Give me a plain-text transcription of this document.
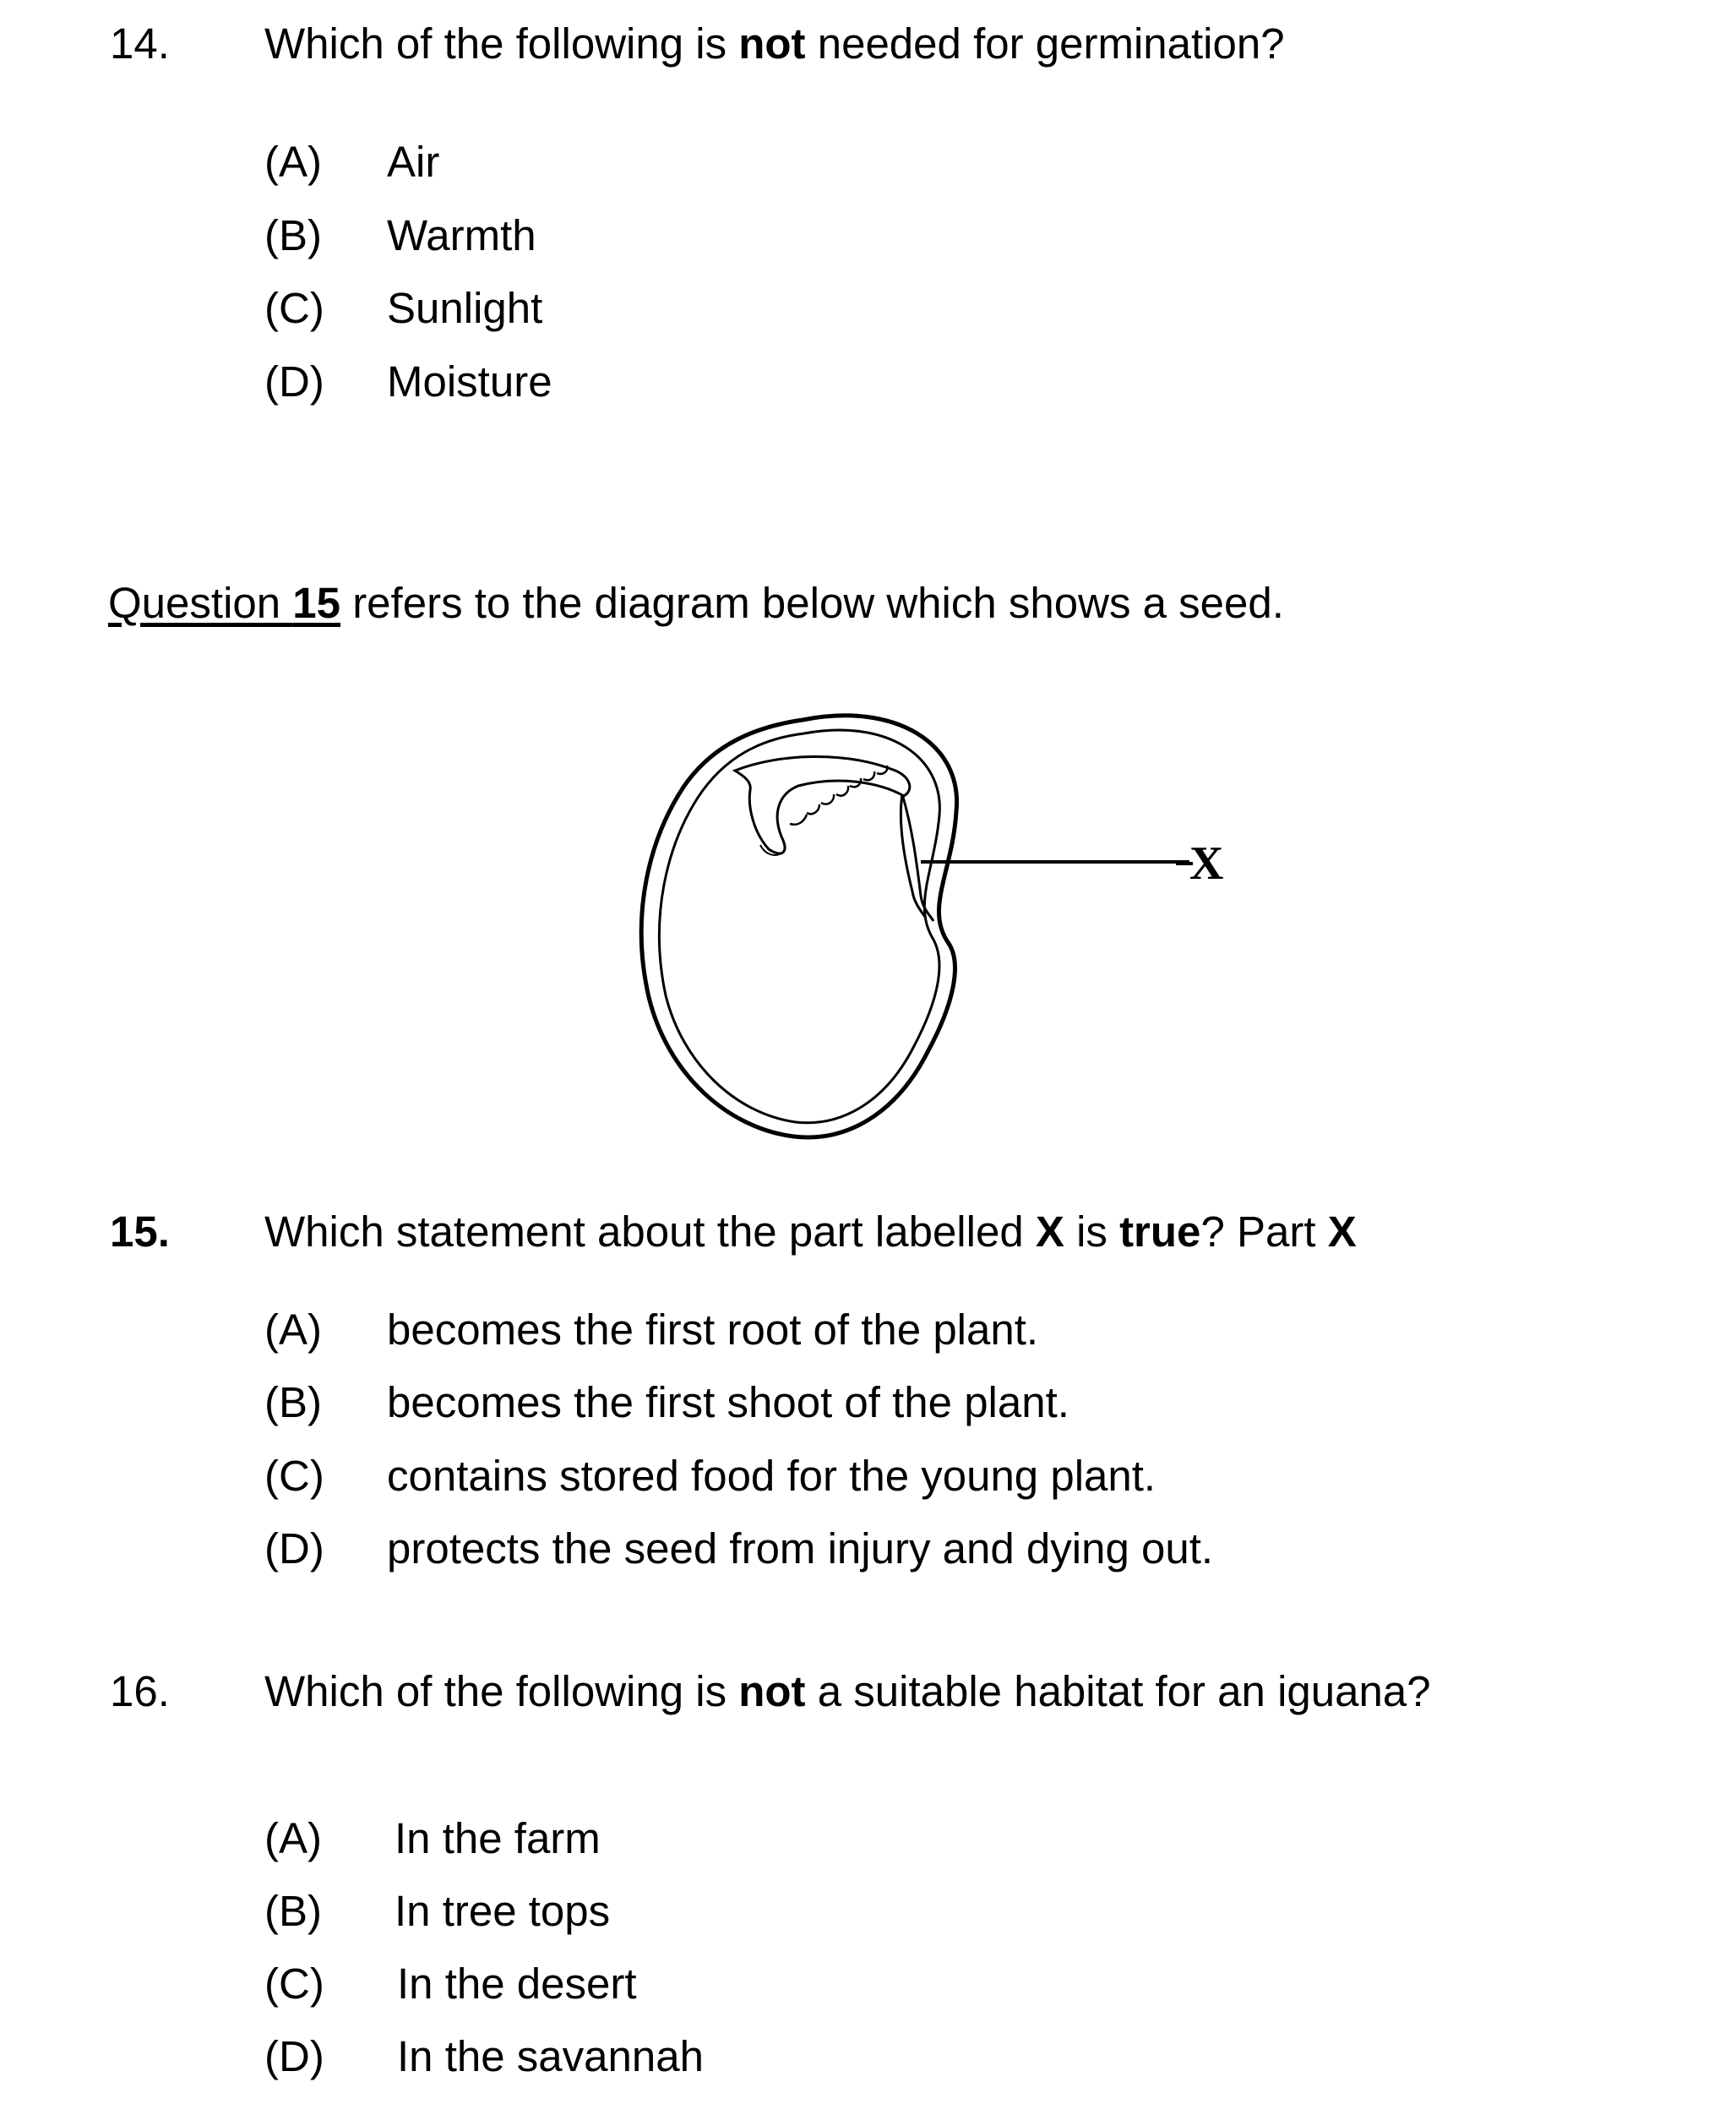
14. Which of the following is not needed for germination?
(A) Air
(B) Warmth
(C) Sunlight
(D) Moisture
Question 15 refers to the diagram below which shows a seed.
X
15. Which statement about the part labelled X is true? Part X
(A) becomes the first root of the plant.
(B) becomes the first shoot of the plant.
(C) contains stored food for the young plant.
(D) protects the seed from injury and dying out.
16. Which of the following is not a suitable habitat for an iguana?
(A) In the farm
(B) In tree tops
(C) In the desert
(D) In the savannah
